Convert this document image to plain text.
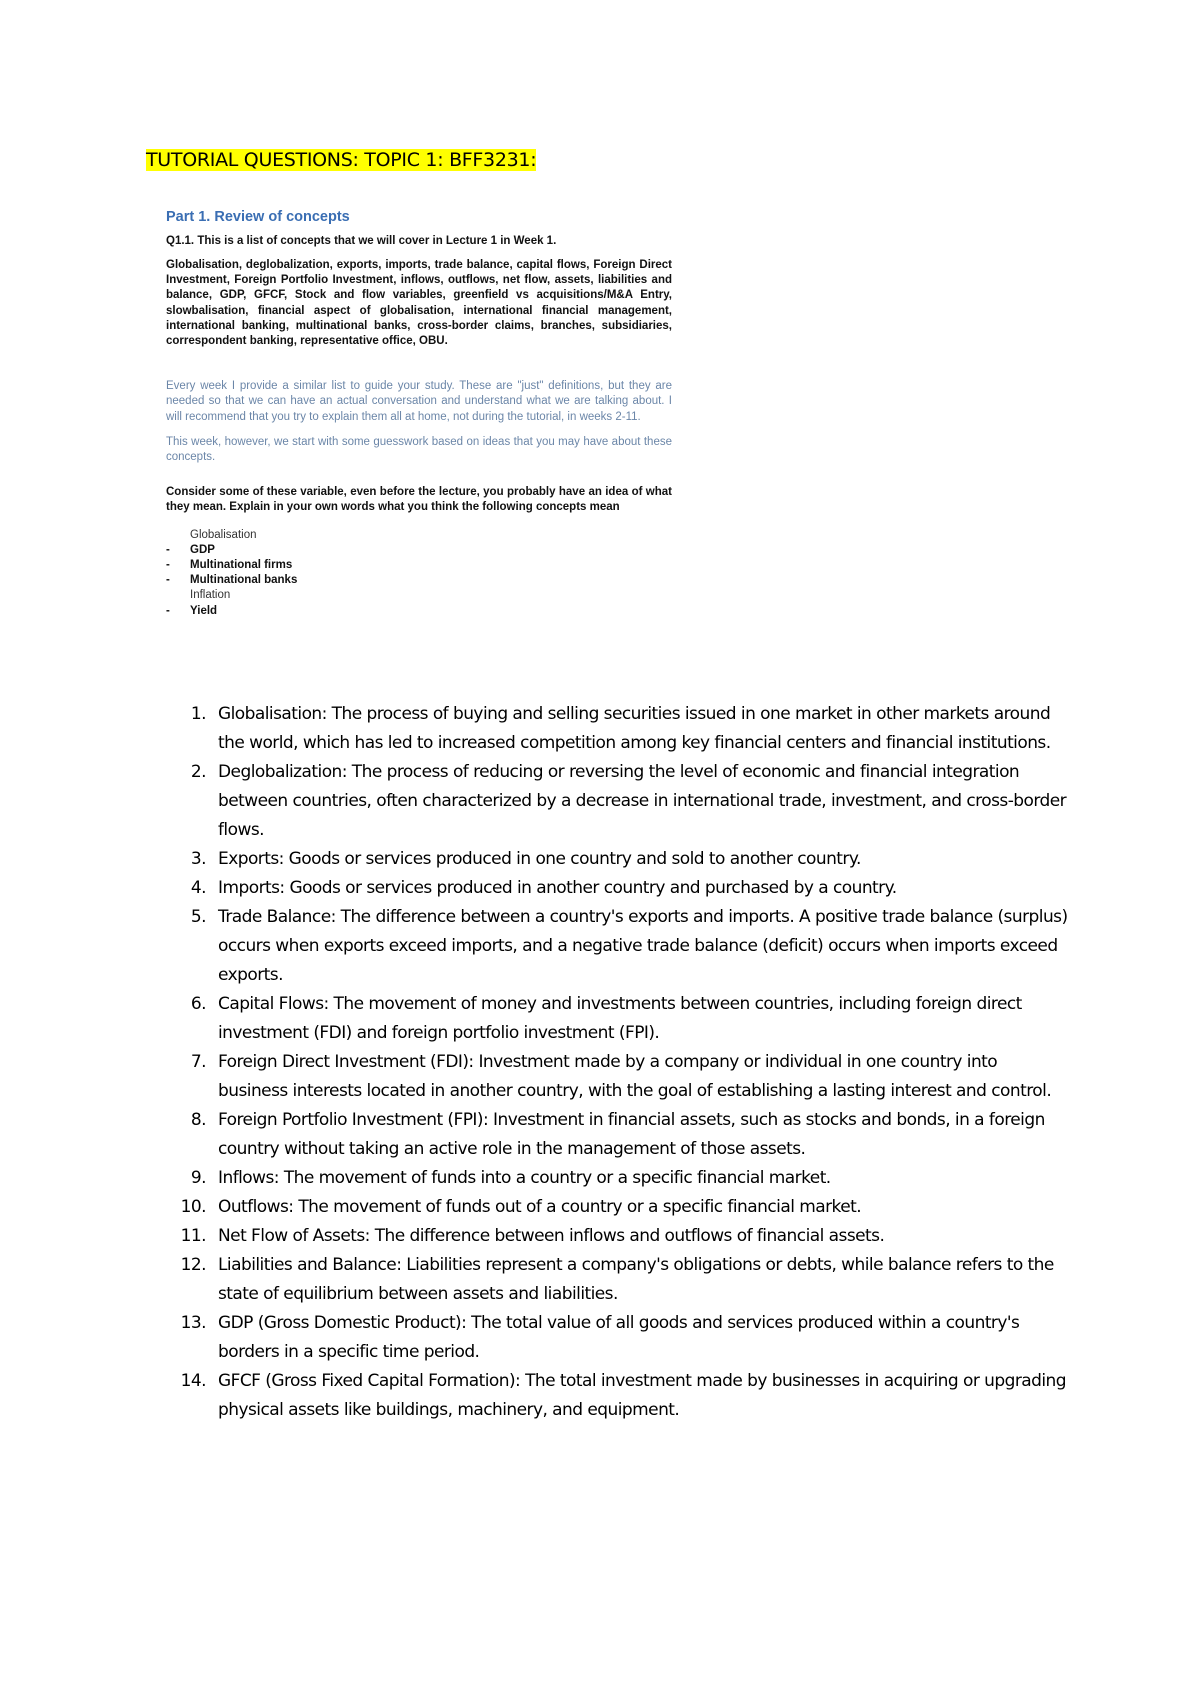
TUTORIAL QUESTIONS: TOPIC 1: BFF3231:

Part 1. Review of concepts

Q1.1. This is a list of concepts that we will cover in Lecture 1 in Week 1.

Globalisation, deglobalization, exports, imports, trade balance, capital flows, Foreign Direct Investment, Foreign Portfolio Investment, inflows, outflows, net flow, assets, liabilities and balance, GDP, GFCF, Stock and flow variables, greenfield vs acquisitions/M&A Entry, slowbalisation, financial aspect of globalisation, international financial management, international banking, multinational banks, cross-border claims, branches, subsidiaries, correspondent banking, representative office, OBU.

Every week I provide a similar list to guide your study. These are "just" definitions, but they are needed so that we can have an actual conversation and understand what we are talking about. I will recommend that you try to explain them all at home, not during the tutorial, in weeks 2-11.

This week, however, we start with some guesswork based on ideas that you may have about these concepts.

Consider some of these variable, even before the lecture, you probably have an idea of what they mean. Explain in your own words what you think the following concepts mean

Globalisation
- GDP
- Multinational firms
- Multinational banks
Inflation
- Yield
1. Globalisation: The process of buying and selling securities issued in one market in other markets around the world, which has led to increased competition among key financial centers and financial institutions.
2. Deglobalization: The process of reducing or reversing the level of economic and financial integration between countries, often characterized by a decrease in international trade, investment, and cross-border flows.
3. Exports: Goods or services produced in one country and sold to another country.
4. Imports: Goods or services produced in another country and purchased by a country.
5. Trade Balance: The difference between a country's exports and imports. A positive trade balance (surplus) occurs when exports exceed imports, and a negative trade balance (deficit) occurs when imports exceed exports.
6. Capital Flows: The movement of money and investments between countries, including foreign direct investment (FDI) and foreign portfolio investment (FPI).
7. Foreign Direct Investment (FDI): Investment made by a company or individual in one country into business interests located in another country, with the goal of establishing a lasting interest and control.
8. Foreign Portfolio Investment (FPI): Investment in financial assets, such as stocks and bonds, in a foreign country without taking an active role in the management of those assets.
9. Inflows: The movement of funds into a country or a specific financial market.
10. Outflows: The movement of funds out of a country or a specific financial market.
11. Net Flow of Assets: The difference between inflows and outflows of financial assets.
12. Liabilities and Balance: Liabilities represent a company's obligations or debts, while balance refers to the state of equilibrium between assets and liabilities.
13. GDP (Gross Domestic Product): The total value of all goods and services produced within a country's borders in a specific time period.
14. GFCF (Gross Fixed Capital Formation): The total investment made by businesses in acquiring or upgrading physical assets like buildings, machinery, and equipment.
